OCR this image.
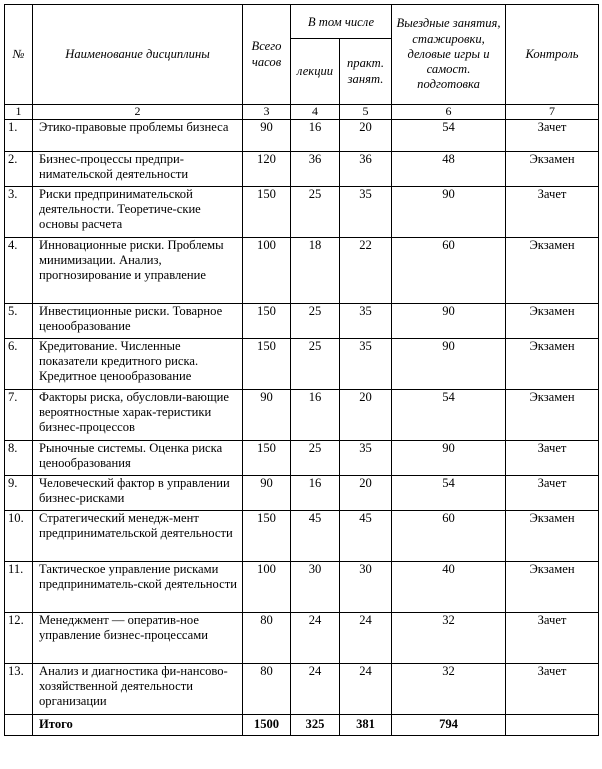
№	Наименование дисциплины	Всего часов	В том числе		Выездные занятия, стажировки, деловые игры и самост. подготовка	Контроль
			лекции	практ. занят.		
1	2	3	4	5	6	7
1.	Этико-правовые проблемы бизнеса	90	16	20	54	Зачет
2.	Бизнес-процессы предпри-нимательской деятельности	120	36	36	48	Экзамен
3.	Риски предпринимательской деятельности. Теоретиче-ские основы расчета	150	25	35	90	Зачет
4.	Инновационные риски. Проблемы минимизации. Анализ, прогнозирование и управление	100	18	22	60	Экзамен
5.	Инвестиционные риски. Товарное ценообразование	150	25	35	90	Экзамен
6.	Кредитование. Численные показатели кредитного риска. Кредитное ценообразование	150	25	35	90	Экзамен
7.	Факторы риска, обусловли-вающие вероятностные харак-теристики бизнес-процессов	90	16	20	54	Экзамен
8.	Рыночные системы. Оценка риска ценообразования	150	25	35	90	Зачет
9.	Человеческий фактор в управлении бизнес-рисками	90	16	20	54	Зачет
10.	Стратегический менедж-мент предпринимательской деятельности	150	45	45	60	Экзамен
11.	Тактическое управление рисками предприниматель-ской деятельности	100	30	30	40	Экзамен
12.	Менеджмент — оператив-ное управление бизнес-процессами	80	24	24	32	Зачет
13.	Анализ и диагностика фи-нансово-хозяйственной деятельности организации	80	24	24	32	Зачет
	Итого	1500	325	381	794	
